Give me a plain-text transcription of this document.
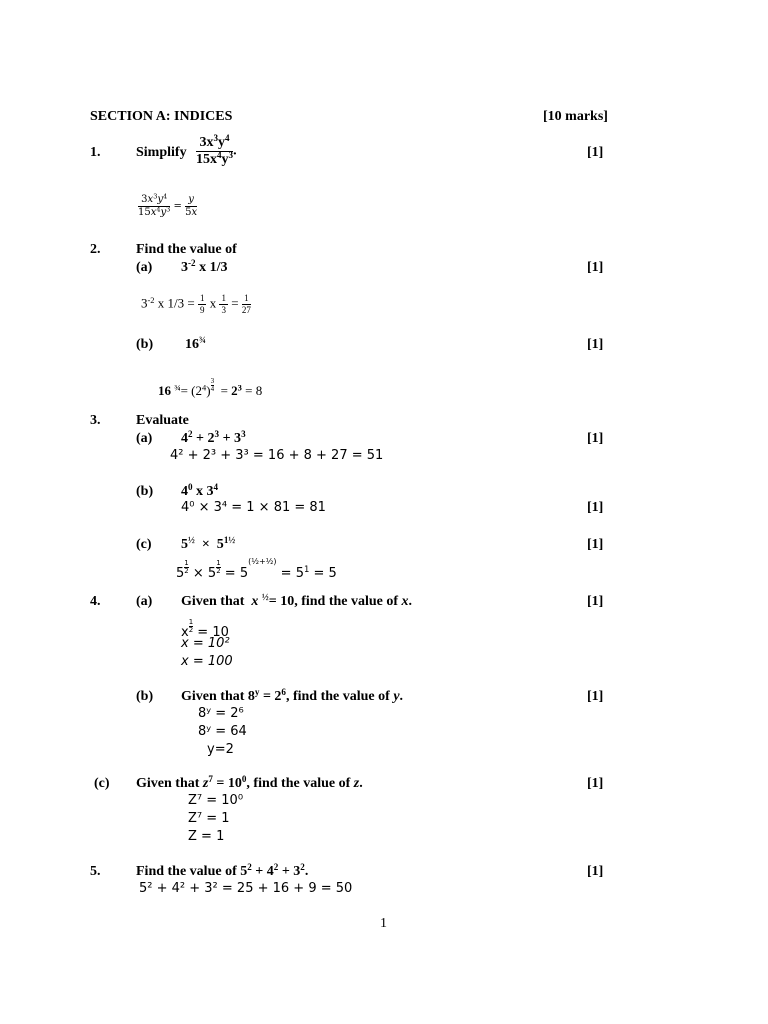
SECTION A: INDICES	[10 marks]
1.	Simplify $\frac{3x^3y^4}{15x^4y^3}$ .	[1]
$\frac{3x^3y^4}{15x^4y^3} = \frac{y}{5x}$
2.	Find the value of
(a) $3^{-2}$ x 1/3	[1]
$3^{-2}$ x $1/3 = \frac{1}{9}$ x $\frac{1}{3} = \frac{1}{27}$
(b) $16^{\frac{3}{4}}$	[1]
16 $^{\frac{3}{4}}= (2^4) \frac{3}{4} = 2^3 = 8$
3.	Evaluate
(a) $4^2 + 2^3 + 3^3$	[1]
4² + 2³ + 3³ = 16 + 8 + 27 = 51
(b) $4^0$ x $3^4$
4⁰ × 3⁴ = 1 × 81 = 81	[1]
(c) $5^{\frac{1}{2}} \times 5^{1\frac{1}{2}}$	[1]
$5 \frac{1}{2} \times 5 \frac{1}{2} = 5$
(½+½)

= $5^1 = 5$
4.	(a) Given that  x $^{\frac{1}{2}}$= 10, find the value of x.	[1]
x $\frac{1}{2} = 10$
x = 10²
x = 100
(b) Given that $8^y = 2^6$, find the value of y.	[1]
8ʸ = 2⁶
8ʸ = 64
y=2
(c) Given that $z^7 = 10^0$, find the value of z.	[1]
Z⁷ = 10⁰
Z⁷ = 1
Z = 1
5.	Find the value of $5^2 + 4^2 + 3^2$.	[1]
5² + 4² + 3² = 25 + 16 + 9 = 50
1
